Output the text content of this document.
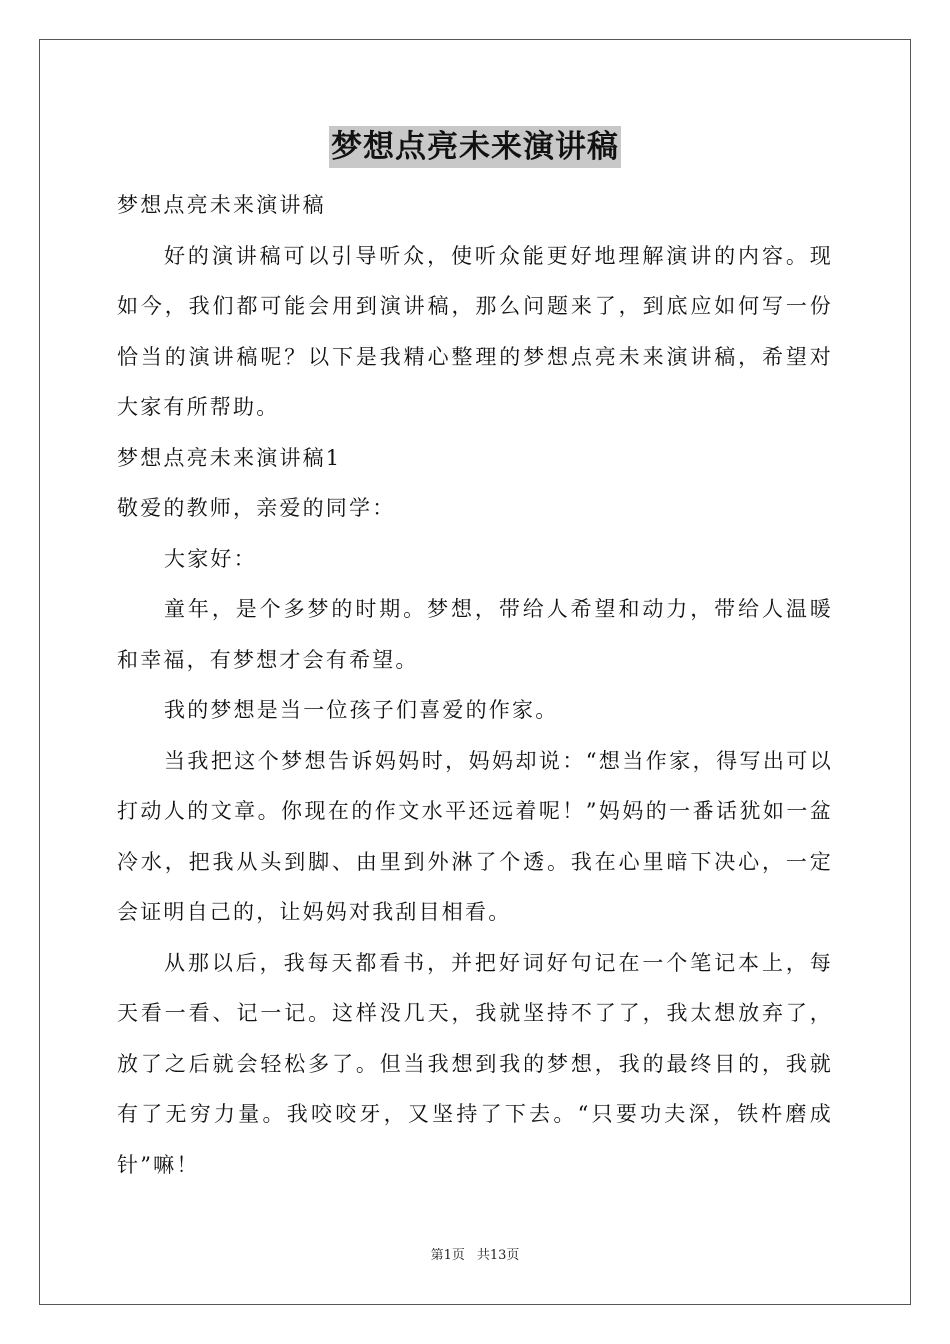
梦想点亮未来演讲稿

梦想点亮未来演讲稿

好的演讲稿可以引导听众，使听众能更好地理解演讲的内容。现如今，我们都可能会用到演讲稿，那么问题来了，到底应如何写一份恰当的演讲稿呢？以下是我精心整理的梦想点亮未来演讲稿，希望对大家有所帮助。

梦想点亮未来演讲稿1

敬爱的教师，亲爱的同学：

大家好：

童年，是个多梦的时期。梦想，带给人希望和动力，带给人温暖和幸福，有梦想才会有希望。

我的梦想是当一位孩子们喜爱的作家。

当我把这个梦想告诉妈妈时，妈妈却说：“想当作家，得写出可以打动人的文章。你现在的作文水平还远着呢！”妈妈的一番话犹如一盆冷水，把我从头到脚、由里到外淋了个透。我在心里暗下决心，一定会证明自己的，让妈妈对我刮目相看。

从那以后，我每天都看书，并把好词好句记在一个笔记本上，每天看一看、记一记。这样没几天，我就坚持不了了，我太想放弃了，放了之后就会轻松多了。但当我想到我的梦想，我的最终目的，我就有了无穷力量。我咬咬牙，又坚持了下去。“只要功夫深，铁杵磨成针”嘛！

第1页 共13页
